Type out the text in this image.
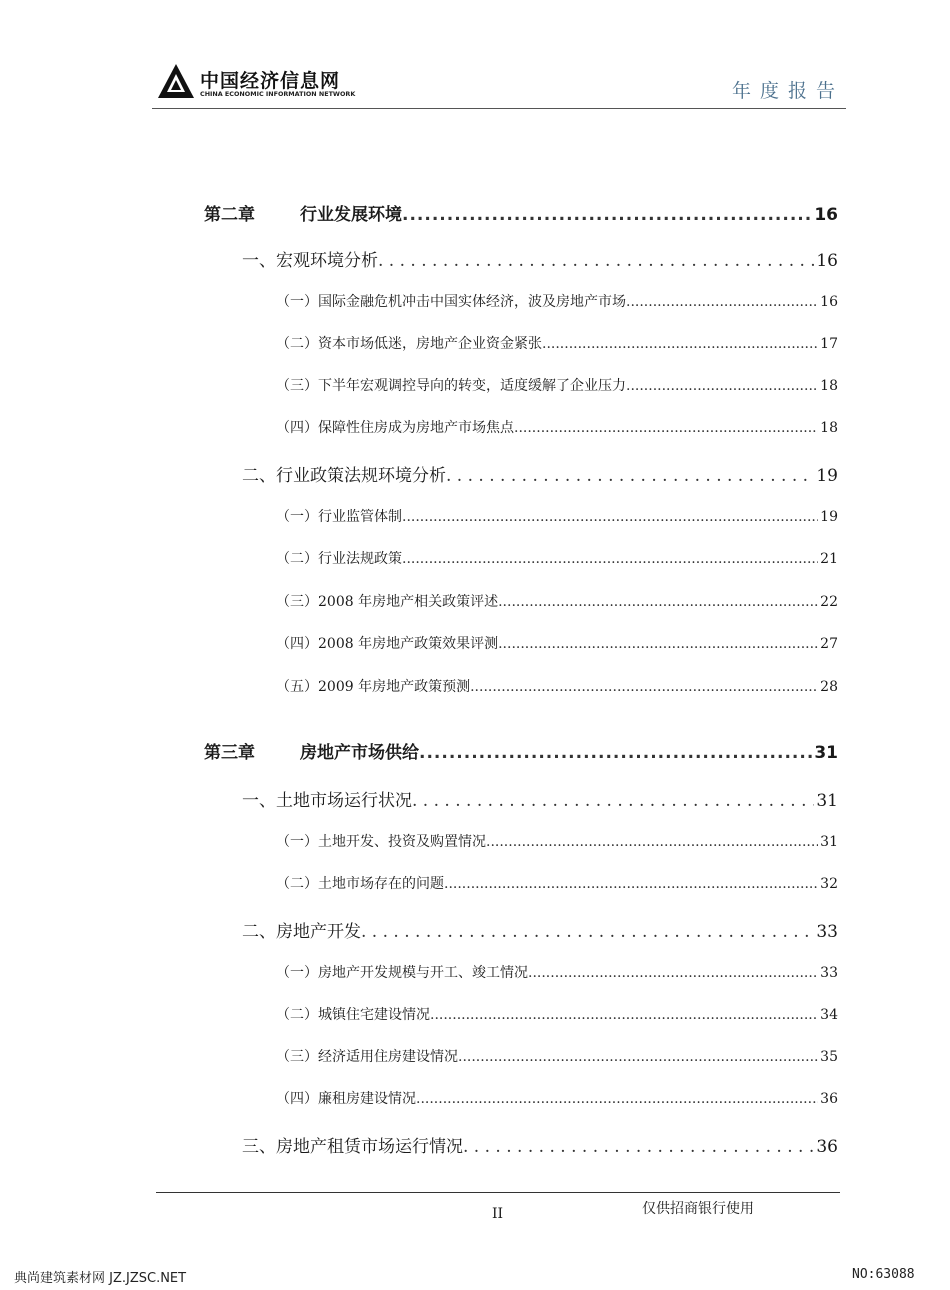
中国经济信息网
CHINA ECONOMIC INFORMATION NETWORK	年度报告
第二章	行业发展环境 .....	16
一、宏观环境分析 . . .	16
（一）国际金融危机冲击中国实体经济，波及房地产市场 .....	16
（二）资本市场低迷，房地产企业资金紧张 .....	17
（三）下半年宏观调控导向的转变，适度缓解了企业压力 .....	18
（四）保障性住房成为房地产市场焦点 .....	18
二、行业政策法规环境分析 . . .	19
（一）行业监管体制 .....	19
（二）行业法规政策 .....	21
（三）2008 年房地产相关政策评述 .....	22
（四）2008 年房地产政策效果评测 .....	27
（五）2009 年房地产政策预测 .....	28
第三章	房地产市场供给 .....	31
一、土地市场运行状况 . . .	31
（一）土地开发、投资及购置情况 .....	31
（二）土地市场存在的问题 .....	32
二、房地产开发 . . .	33
（一）房地产开发规模与开工、竣工情况 .....	33
（二）城镇住宅建设情况 .....	34
（三）经济适用住房建设情况 .....	35
（四）廉租房建设情况 .....	36
三、房地产租赁市场运行情况 . . .	36
II	仅供招商银行使用
典尚建筑素材网 JZ.JZSC.NET	NO:63088
